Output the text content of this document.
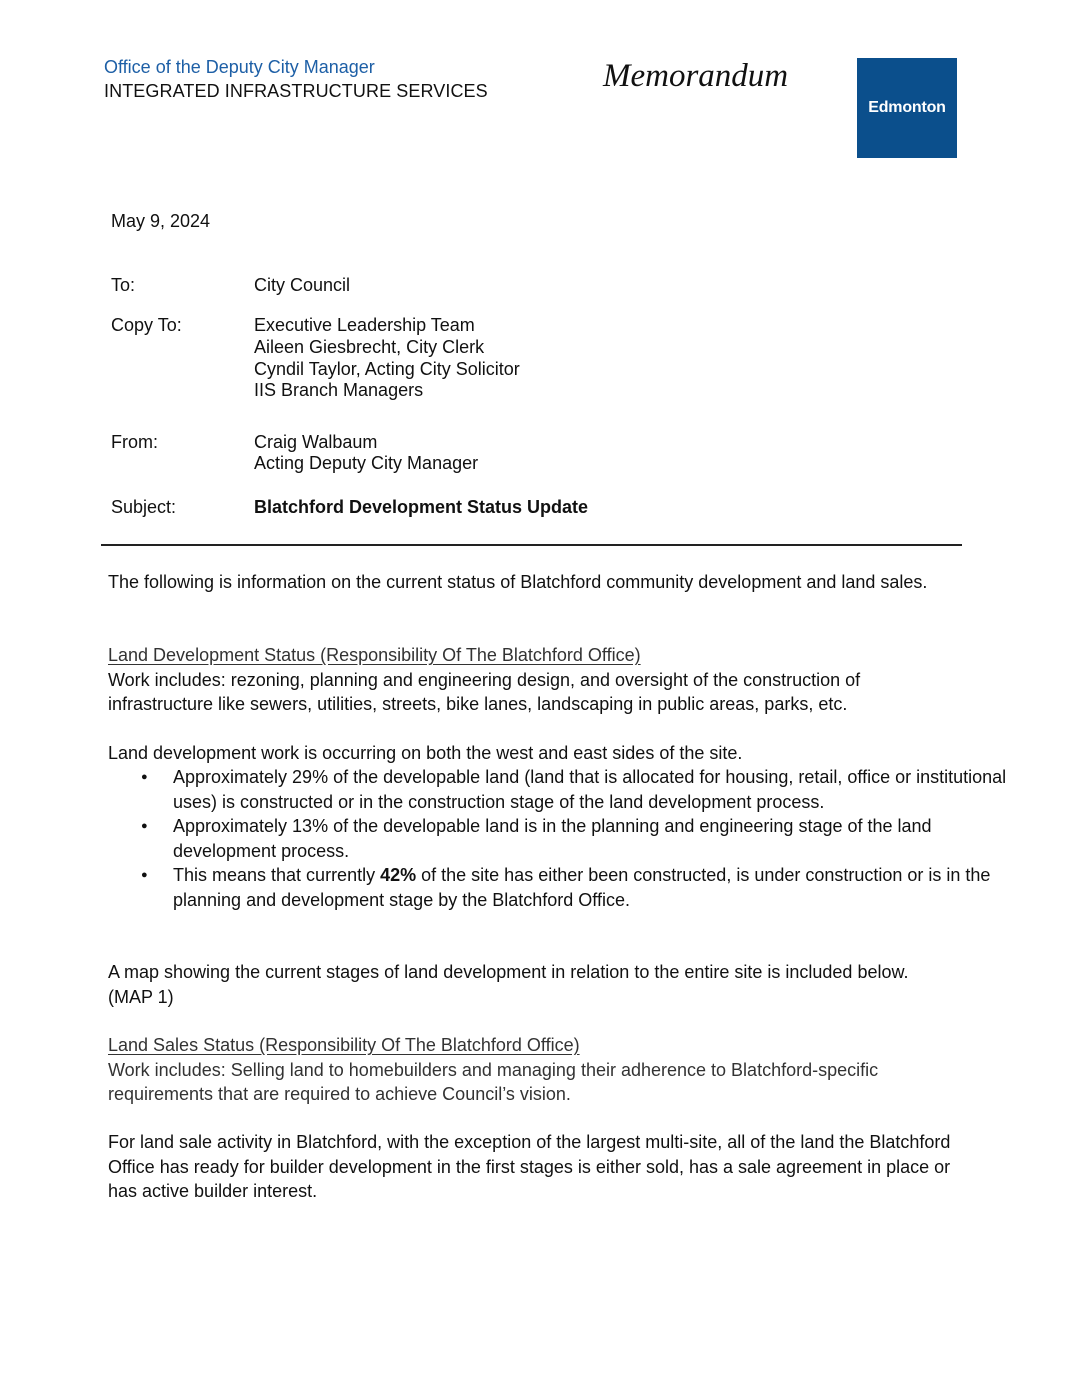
Office of the Deputy City Manager
INTEGRATED INFRASTRUCTURE SERVICES	Memorandum
Edmonton
May 9, 2024
To:	City Council
Copy To:	Executive Leadership Team
Aileen Giesbrecht, City Clerk
Cyndil Taylor, Acting City Solicitor
IIS Branch Managers
From:	Craig Walbaum
Acting Deputy City Manager
Subject:	Blatchford Development Status Update
The following is information on the current status of Blatchford community development and land sales.
Land Development Status (Responsibility Of The Blatchford Office)
Work includes: rezoning, planning and engineering design, and oversight of the construction of infrastructure like sewers, utilities, streets, bike lanes, landscaping in public areas, parks, etc.
Land development work is occurring on both the west and east sides of the site.
● Approximately 29% of the developable land (land that is allocated for housing, retail, office or institutional uses) is constructed or in the construction stage of the land development process.
● Approximately 13% of the developable land is in the planning and engineering stage of the land development process.
● This means that currently 42% of the site has either been constructed, is under construction or is in the planning and development stage by the Blatchford Office.
A map showing the current stages of land development in relation to the entire site is included below. (MAP 1)
Land Sales Status (Responsibility Of The Blatchford Office)
Work includes: Selling land to homebuilders and managing their adherence to Blatchford-specific requirements that are required to achieve Council’s vision.
For land sale activity in Blatchford, with the exception of the largest multi-site, all of the land the Blatchford Office has ready for builder development in the first stages is either sold, has a sale agreement in place or has active builder interest.
